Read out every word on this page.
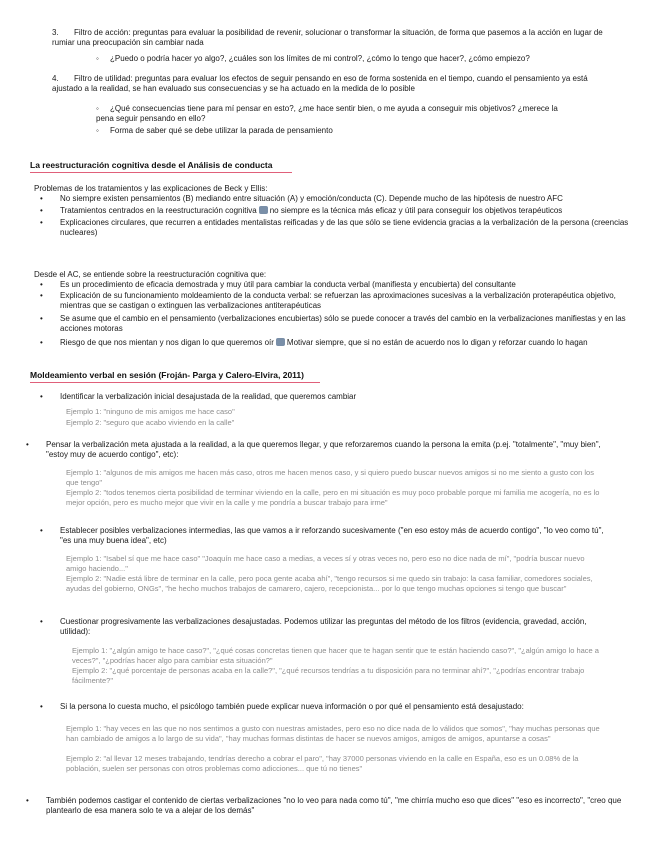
3. Filtro de acción: preguntas para evaluar la posibilidad de revenir, solucionar o transformar la situación, de forma que pasemos a la acción en lugar de rumiar una preocupación sin cambiar nada

◦ ¿Puedo o podría hacer yo algo?, ¿cuáles son los límites de mi control?, ¿cómo lo tengo que hacer?, ¿cómo empiezo?

4. Filtro de utilidad: preguntas para evaluar los efectos de seguir pensando en eso de forma sostenida en el tiempo, cuando el pensamiento ya está ajustado a la realidad, se han evaluado sus consecuencias y se ha actuado en la medida de lo posible

◦ ¿Qué consecuencias tiene para mí pensar en esto?, ¿me hace sentir bien, o me ayuda a conseguir mis objetivos? ¿merece la pena seguir pensando en ello?
◦ Forma de saber qué se debe utilizar la parada de pensamiento
La reestructuración cognitiva desde el Análisis de conducta
Problemas de los tratamientos y las explicaciones de Beck y Ellis:

• No siempre existen pensamientos (B) mediando entre situación (A) y emoción/conducta (C). Depende mucho de las hipótesis de nuestro AFC

• Tratamientos centrados en la reestructuración cognitiva no siempre es la técnica más eficaz y útil para conseguir los objetivos terapéuticos

• Explicaciones circulares, que recurren a entidades mentalistas reificadas y de las que sólo se tiene evidencia gracias a la verbalización de la persona (creencias nucleares)

Desde el AC, se entiende sobre la reestructuración cognitiva que:

• Es un procedimiento de eficacia demostrada y muy útil para cambiar la conducta verbal (manifiesta y encubierta) del consultante

• Explicación de su funcionamiento moldeamiento de la conducta verbal: se refuerzan las aproximaciones sucesivas a la verbalización proterapéutica objetivo, mientras que se castigan o extinguen las verbalizaciones antiterapéuticas

• Se asume que el cambio en el pensamiento (verbalizaciones encubiertas) sólo se puede conocer a través del cambio en la verbalizaciones manifiestas y en las acciones motoras

• Riesgo de que nos mientan y nos digan lo que queremos oír Motivar siempre, que si no están de acuerdo nos lo digan y reforzar cuando lo hagan

Moldeamiento verbal en sesión (Froján- Parga y Calero-Elvira, 2011)

• Identificar la verbalización inicial desajustada de la realidad, que queremos cambiar

Ejemplo 1: "ninguno de mis amigos me hace caso"
Ejemplo 2: "seguro que acabo viviendo en la calle"

• Pensar la verbalización meta ajustada a la realidad, a la que queremos llegar, y que reforzaremos cuando la persona la emita (p.ej. "totalmente", "muy bien", "estoy muy de acuerdo contigo", etc):

Ejemplo 1: "algunos de mis amigos me hacen más caso, otros me hacen menos caso, y si quiero puedo buscar nuevos amigos si no me siento a gusto con los que tengo"
Ejemplo 2: "todos tenemos cierta posibilidad de terminar viviendo en la calle, pero en mi situación es muy poco probable porque mi familia me acogería, no es lo mejor opción, pero es mucho mejor que vivir en la calle y me pondría a buscar trabajo para irme"

• Establecer posibles verbalizaciones intermedias, las que vamos a ir reforzando sucesivamente ("en eso estoy más de acuerdo contigo", "lo veo como tú", "es una muy buena idea", etc)

Ejemplo 1: "Isabel sí que me hace caso" "Joaquín me hace caso a medias, a veces sí y otras veces no, pero eso no dice nada de mí", "podría buscar nuevo amigo haciendo..."
Ejemplo 2: "Nadie está libre de terminar en la calle, pero poca gente acaba ahí", "tengo recursos si me quedo sin trabajo: la casa familiar, comedores sociales, ayudas del gobierno, ONGs", "he hecho muchos trabajos de camarero, cajero, recepcionista... por lo que tengo muchas opciones si tengo que buscar"

• Cuestionar progresivamente las verbalizaciones desajustadas. Podemos utilizar las preguntas del método de los filtros (evidencia, gravedad, acción, utilidad):

Ejemplo 1: "¿algún amigo te hace caso?", "¿qué cosas concretas tienen que hacer que te hagan sentir que te están haciendo caso?", "¿algún amigo lo hace a veces?", "¿podrías hacer algo para cambiar esta situación?"
Ejemplo 2: "¿qué porcentaje de personas acaba en la calle?", "¿qué recursos tendrías a tu disposición para no terminar ahí?", "¿podrías encontrar trabajo fácilmente?"

• Si la persona lo cuesta mucho, el psicólogo también puede explicar nueva información o por qué el pensamiento está desajustado:

Ejemplo 1: "hay veces en las que no nos sentimos a gusto con nuestras amistades, pero eso no dice nada de lo válidos que somos", "hay muchas personas que han cambiado de amigos a lo largo de su vida", "hay muchas formas distintas de hacer se nuevos amigos, amigos de amigos, apuntarse a cosas"
Ejemplo 2: "al llevar 12 meses trabajando, tendrías derecho a cobrar el paro", "hay 37000 personas viviendo en la calle en España, eso es un 0.08% de la población, suelen ser personas con otros problemas como adicciones... que tú no tienes"

• También podemos castigar el contenido de ciertas verbalizaciones "no lo veo para nada como tú", "me chirría mucho eso que dices" "eso es incorrecto", "creo que plantearlo de esa manera solo te va a alejar de los demás"
